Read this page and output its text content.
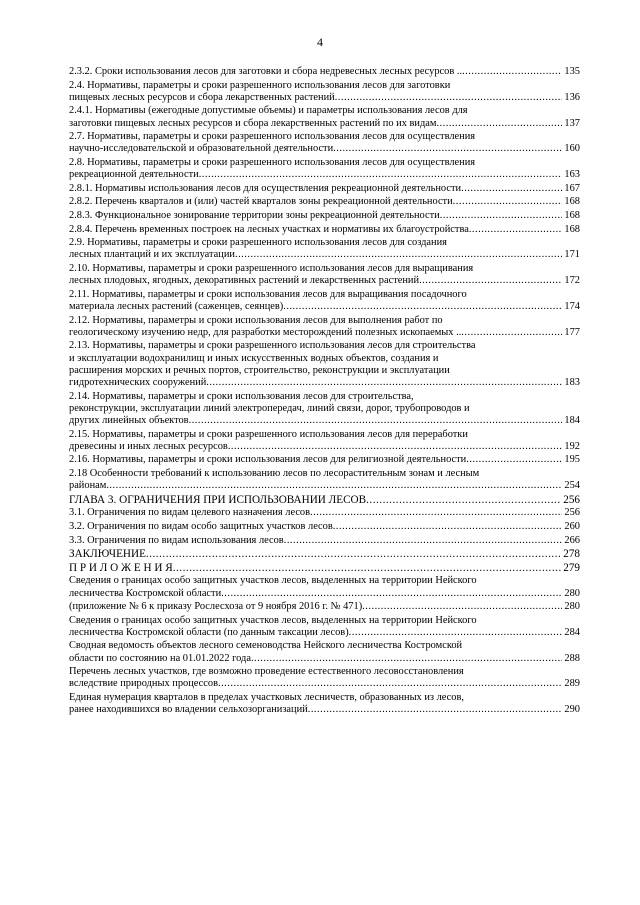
4
2.3.2. Сроки использования лесов для заготовки и сбора недревесных лесных ресурсов .. .....	135
2.4. Нормативы, параметры и сроки разрешенного использования лесов для заготовки
пищевых лесных ресурсов и сбора лекарственных растений .....	136
2.4.1. Нормативы (ежегодные допустимые объемы) и параметры использования лесов для
заготовки пищевых лесных ресурсов и сбора лекарственных растений по их видам .....	137
2.7. Нормативы, параметры и сроки разрешенного использования лесов для осуществления
научно-исследовательской и образовательной деятельности .....	160
2.8. Нормативы, параметры и сроки разрешенного использования лесов для осуществления
рекреационной деятельности .....	163
2.8.1. Нормативы использования лесов для осуществления рекреационной деятельности .....	167
2.8.2. Перечень кварталов и (или) частей кварталов зоны рекреационной деятельности .....	168
2.8.3. Функциональное зонирование территории зоны рекреационной деятельности .....	168
2.8.4. Перечень временных построек на лесных участках и нормативы их благоустройства .....	168
2.9. Нормативы, параметры и сроки разрешенного использования лесов для создания
лесных плантаций и их эксплуатации .....	171
2.10. Нормативы, параметры и сроки разрешенного использования лесов для выращивания
лесных плодовых, ягодных, декоративных растений и лекарственных растений .....	172
2.11. Нормативы, параметры и сроки использования лесов для выращивания посадочного
материала лесных растений (саженцев, сеянцев) .....	174
2.12. Нормативы, параметры и сроки использования лесов для выполнения работ по
геологическому изучению недр, для разработки месторождений полезных ископаемых .. .....	177
2.13. Нормативы, параметры и сроки разрешенного использования лесов для строительства
и эксплуатации водохранилищ и иных искусственных водных объектов, создания и
расширения морских и речных портов, строительство, реконструкции и эксплуатации
гидротехнических сооружений .....	183
2.14. Нормативы, параметры и сроки использования лесов для строительства,
реконструкции, эксплуатации линий электропередач, линий связи, дорог, трубопроводов и
других линейных объектов .....	184
2.15. Нормативы, параметры и сроки разрешенного использования лесов для переработки
древесины и иных лесных ресурсов .....	192
2.16. Нормативы, параметры и сроки использования лесов для религиозной деятельности .....	195
2.18 Особенности требований к использованию лесов по лесорастительным зонам и лесным
районам .....	254
ГЛАВА 3. ОГРАНИЧЕНИЯ ПРИ ИСПОЛЬЗОВАНИИ ЛЕСОВ .....	256
3.1. Ограничения по видам целевого назначения лесов .....	256
3.2. Ограничения по видам особо защитных участков лесов .....	260
3.3. Ограничения по видам использования лесов .....	266
ЗАКЛЮЧЕНИЕ .....	278
П Р И Л О Ж Е Н И Я .....	279
Сведения о границах особо защитных участков лесов, выделенных на территории Нейского
лесничества Костромской области .....	280
(приложение № 6 к приказу Рослесхоза от 9 ноября 2016 г. № 471) .....	280
Сведения о границах особо защитных участков лесов, выделенных на территории Нейского
лесничества Костромской области (по данным таксации лесов) .....	284
Сводная ведомость объектов лесного семеноводства Нейского лесничества Костромской
области по состоянию на 01.01.2022 года .....	288
Перечень лесных участков, где возможно проведение естественного лесовосстановления
вследствие природных процессов .....	289
Единая нумерация кварталов в пределах участковых лесничеств, образованных из лесов,
ранее находившихся во владении сельхозорганизаций .....	290
